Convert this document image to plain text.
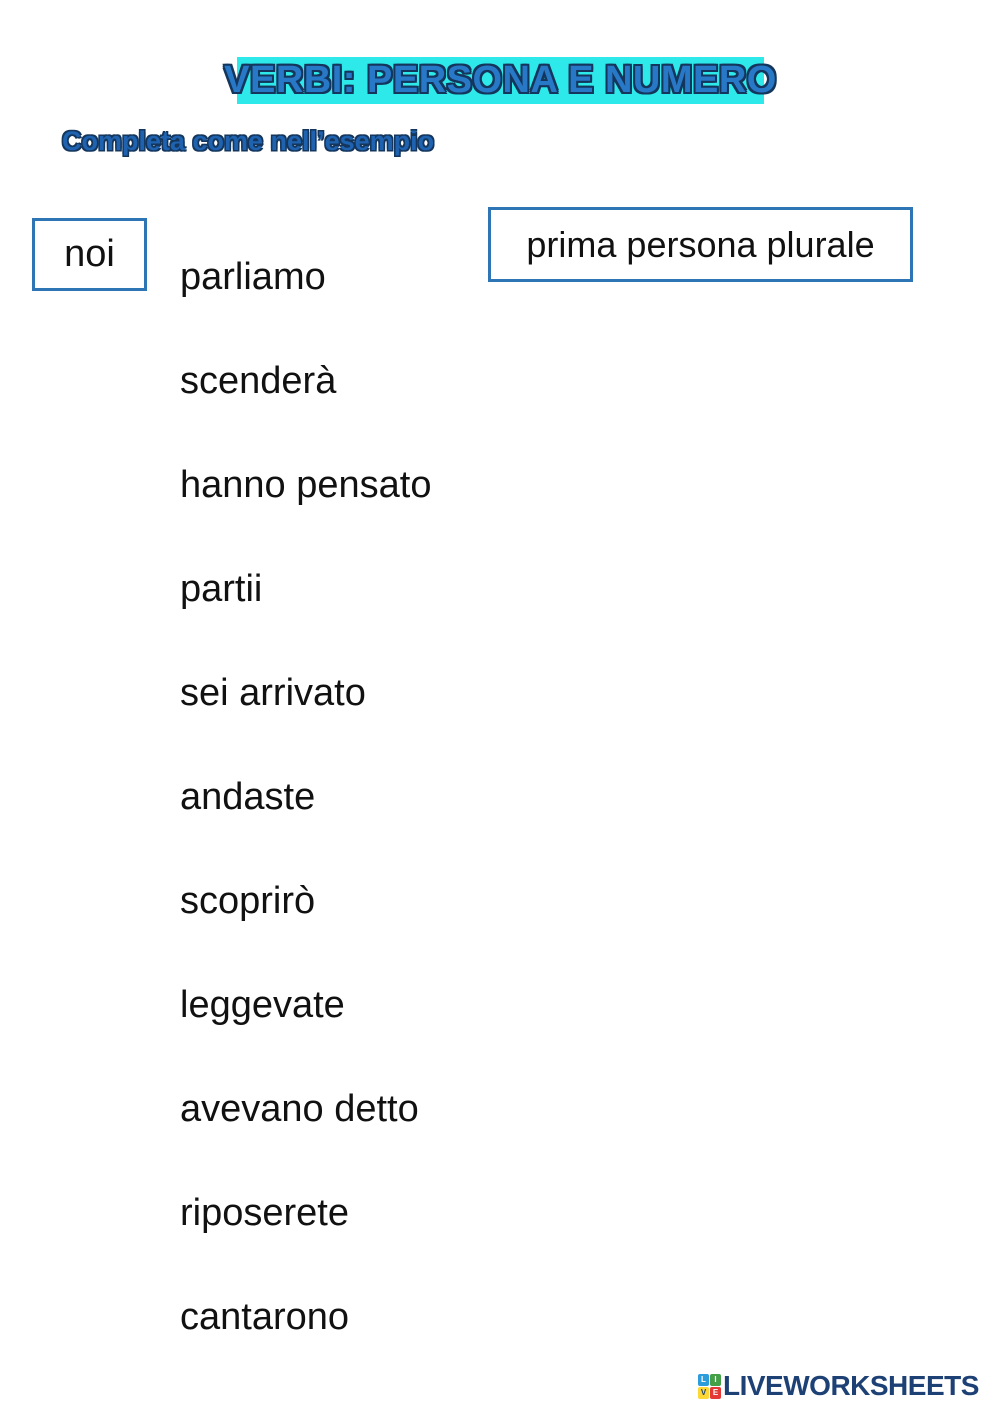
VERBI: PERSONA E NUMERO
Completa come nell’esempio
noi	prima persona plurale
parliamo
scenderà
hanno pensato
partii
sei arrivato
andaste
scoprirò
leggevate
avevano detto
riposerete
cantarono
L	I
V E LIVEWORKSHEETS
